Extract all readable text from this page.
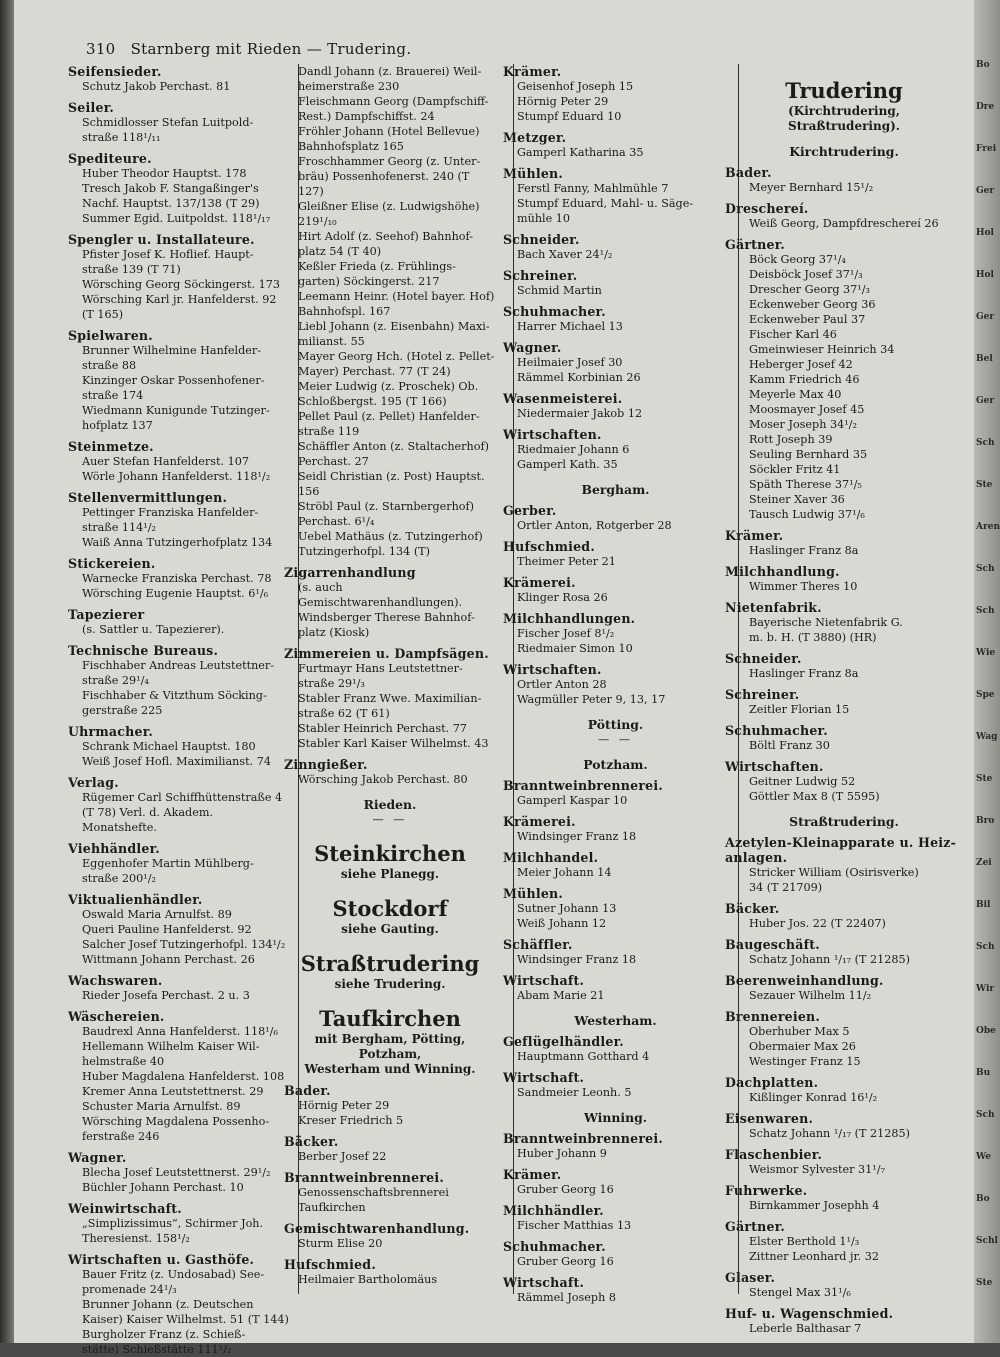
310 Starnberg mit Rieden — Trudering.
Seifensieder.
Schutz Jakob Perchast. 81
Seiler.
Schmidlosser Stefan Luitpold-
straße 118¹/₁₁
Spediteure.
Huber Theodor Hauptst. 178
Tresch Jakob F. Stangaßinger's
Nachf. Hauptst. 137/138 (T 29)
Summer Egid. Luitpoldst. 118¹/₁₇
Spengler u. Installateure.
Pfister Josef K. Hoflief. Haupt-
straße 139 (T 71)
Wörsching Georg Söckingerst. 173
Wörsching Karl jr. Hanfelderst. 92
(T 165)
Spielwaren.
Brunner Wilhelmine Hanfelder-
straße 88
Kinzinger Oskar Possenhofener-
straße 174
Wiedmann Kunigunde Tutzinger-
hofplatz 137
Steinmetze.
Auer Stefan Hanfelderst. 107
Wörle Johann Hanfelderst. 118¹/₂
Stellenvermittlungen.
Pettinger Franziska Hanfelder-
straße 114¹/₂
Waiß Anna Tutzingerhofplatz 134
Stickereien.
Warnecke Franziska Perchast. 78
Wörsching Eugenie Hauptst. 6¹/₆
Tapezierer
(s. Sattler u. Tapezierer).
Technische Bureaus.
Fischhaber Andreas Leutstettner-
straße 29¹/₄
Fischhaber & Vitzthum Söcking-
gerstraße 225
Uhrmacher.
Schrank Michael Hauptst. 180
Weiß Josef Hofl. Maximilianst. 74
Verlag.
Rügemer Carl Schiffhüttenstraße 4
(T 78) Verl. d. Akadem. Monatshefte.
Viehhändler.
Eggenhofer Martin Mühlberg-
straße 200¹/₂
Viktualienhändler.
Oswald Maria Arnulfst. 89
Queri Pauline Hanfelderst. 92
Salcher Josef Tutzingerhofpl. 134¹/₂
Wittmann Johann Perchast. 26
Wachswaren.
Rieder Josefa Perchast. 2 u. 3
Wäschereien.
Baudrexl Anna Hanfelderst. 118¹/₆
Hellemann Wilhelm Kaiser Wil-
helmstraße 40
Huber Magdalena Hanfelderst. 108
Kremer Anna Leutstettnerst. 29
Schuster Maria Arnulfst. 89
Wörsching Magdalena Possenho-
ferstraße 246
Wagner.
Blecha Josef Leutstettnerst. 29¹/₂
Büchler Johann Perchast. 10
Weinwirtschaft.
„Simplizissimus“, Schirmer Joh.
Theresienst. 158¹/₂
Wirtschaften u. Gasthöfe.
Bauer Fritz (z. Undosabad) See-
promenade 24¹/₃
Brunner Johann (z. Deutschen
Kaiser) Kaiser Wilhelmst. 51 (T 144)
Burgholzer Franz (z. Schieß-
stätte) Schießstätte 111¹/₂
Dandl Johann (z. Brauerei) Weil-
heimerstraße 230
Fleischmann Georg (Dampfschiff-
Rest.) Dampfschiffst. 24
Fröhler Johann (Hotel Bellevue)
Bahnhofsplatz 165
Froschhammer Georg (z. Unter-
bräu) Possenhofenerst. 240 (T 127)
Gleißner Elise (z. Ludwigshöhe)
219¹/₁₀
Hirt Adolf (z. Seehof) Bahnhof-
platz 54 (T 40)
Keßler Frieda (z. Frühlings-
garten) Söckingerst. 217
Leemann Heinr. (Hotel bayer. Hof)
Bahnhofspl. 167
Liebl Johann (z. Eisenbahn) Maxi-
milianst. 55
Mayer Georg Hch. (Hotel z. Pellet-
Mayer) Perchast. 77 (T 24)
Meier Ludwig (z. Proschek) Ob.
Schloßbergst. 195 (T 166)
Pellet Paul (z. Pellet) Hanfelder-
straße 119
Schäffler Anton (z. Staltacherhof)
Perchast. 27
Seidl Christian (z. Post) Hauptst. 156
Ströbl Paul (z. Starnbergerhof)
Perchast. 6¹/₄
Uebel Mathäus (z. Tutzingerhof)
Tutzingerhofpl. 134 (T)
Zigarrenhandlung
(s. auch Gemischtwarenhandlungen).
Windsberger Therese Bahnhof-
platz (Kiosk)
Zimmereien u. Dampfsägen.
Furtmayr Hans Leutstettner-
straße 29¹/₃
Stabler Franz Wwe. Maximilian-
straße 62 (T 61)
Stabler Heinrich Perchast. 77
Stabler Karl Kaiser Wilhelmst. 43
Zinngießer.
Wörsching Jakob Perchast. 80
Rieden.
— —
Steinkirchen
siehe Planegg.
Stockdorf
siehe Gauting.
Straßtrudering
siehe Trudering.
Taufkirchen
mit Bergham, Pötting, Potzham,
Westerham und Winning.
Bader.
Hörnig Peter 29
Kreser Friedrich 5
Bäcker.
Berber Josef 22
Branntweinbrennerei.
Genossenschaftsbrennerei
Taufkirchen
Gemischtwarenhandlung.
Sturm Elise 20
Hufschmied.
Heilmaier Bartholomäus
Krämer.
Geisenhof Joseph 15
Hörnig Peter 29
Stumpf Eduard 10
Metzger.
Gamperl Katharina 35
Mühlen.
Ferstl Fanny, Mahlmühle 7
Stumpf Eduard, Mahl- u. Säge-
mühle 10
Schneider.
Bach Xaver 24¹/₂
Schreiner.
Schmid Martin
Schuhmacher.
Harrer Michael 13
Wagner.
Heilmaier Josef 30
Rämmel Korbinian 26
Wasenmeisterei.
Niedermaier Jakob 12
Wirtschaften.
Riedmaier Johann 6
Gamperl Kath. 35
Bergham.
Gerber.
Ortler Anton, Rotgerber 28
Hufschmied.
Theimer Peter 21
Krämerei.
Klinger Rosa 26
Milchhandlungen.
Fischer Josef 8¹/₂
Riedmaier Simon 10
Wirtschaften.
Ortler Anton 28
Wagmüller Peter 9, 13, 17
Pötting.
— —
Potzham.
Branntweinbrennerei.
Gamperl Kaspar 10
Krämerei.
Windsinger Franz 18
Milchhandel.
Meier Johann 14
Mühlen.
Sutner Johann 13
Weiß Johann 12
Schäffler.
Windsinger Franz 18
Wirtschaft.
Abam Marie 21
Westerham.
Geflügelhändler.
Hauptmann Gotthard 4
Wirtschaft.
Sandmeier Leonh. 5
Winning.
Branntweinbrennerei.
Huber Johann 9
Krämer.
Gruber Georg 16
Milchhändler.
Fischer Matthias 13
Schuhmacher.
Gruber Georg 16
Wirtschaft.
Rämmel Joseph 8
Trudering
(Kirchtrudering,
Straßtrudering).
Kirchtrudering.
Bader.
Meyer Bernhard 15¹/₂
Dreschereí.
Weiß Georg, Dampfdreschereí 26
Gärtner.
Böck Georg 37¹/₄
Deisböck Josef 37¹/₃
Drescher Georg 37¹/₃
Eckenweber Georg 36
Eckenweber Paul 37
Fischer Karl 46
Gmeinwieser Heinrich 34
Heberger Josef 42
Kamm Friedrich 46
Meyerle Max 40
Moosmayer Josef 45
Moser Joseph 34¹/₂
Rott Joseph 39
Seuling Bernhard 35
Söckler Fritz 41
Späth Therese 37¹/₅
Steiner Xaver 36
Tausch Ludwig 37¹/₆
Krämer.
Haslinger Franz 8a
Milchhandlung.
Wimmer Theres 10
Nietenfabrik.
Bayerische Nietenfabrik G.
m. b. H. (T 3880) (HR)
Schneider.
Haslinger Franz 8a
Schreiner.
Zeitler Florian 15
Schuhmacher.
Böltl Franz 30
Wirtschaften.
Geitner Ludwig 52
Göttler Max 8 (T 5595)
Straßtrudering.
Azetylen-Kleinapparate u. Heiz-
anlagen.
Stricker William (Osirisverke)
34 (T 21709)
Bäcker.
Huber Jos. 22 (T 22407)
Baugeschäft.
Schatz Johann ¹/₁₇ (T 21285)
Beerenweinhandlung.
Sezauer Wilhelm 11/₂
Brennereien.
Oberhuber Max 5
Obermaier Max 26
Westinger Franz 15
Dachplatten.
Kißlinger Konrad 16¹/₂
Eisenwaren.
Schatz Johann ¹/₁₇ (T 21285)
Flaschenbier.
Weismor Sylvester 31¹/₇
Fuhrwerke.
Birnkammer Josephh 4
Gärtner.
Elster Berthold 1¹/₃
Zittner Leonhard jr. 32
Glaser.
Stengel Max 31¹/₆
Huf- u. Wagenschmied.
Leberle Balthasar 7
Bo
Dre
Frei
Ger
Hol
Hol
Ger
Bel
Ger
Sch
Ste
Aren
Sch
Sch
Wie
Spe
Wag
Ste
Bro
Zei
Bil
Sch
Wir
Obe
Bu
Sch
We
Bo
Schl
Ste
